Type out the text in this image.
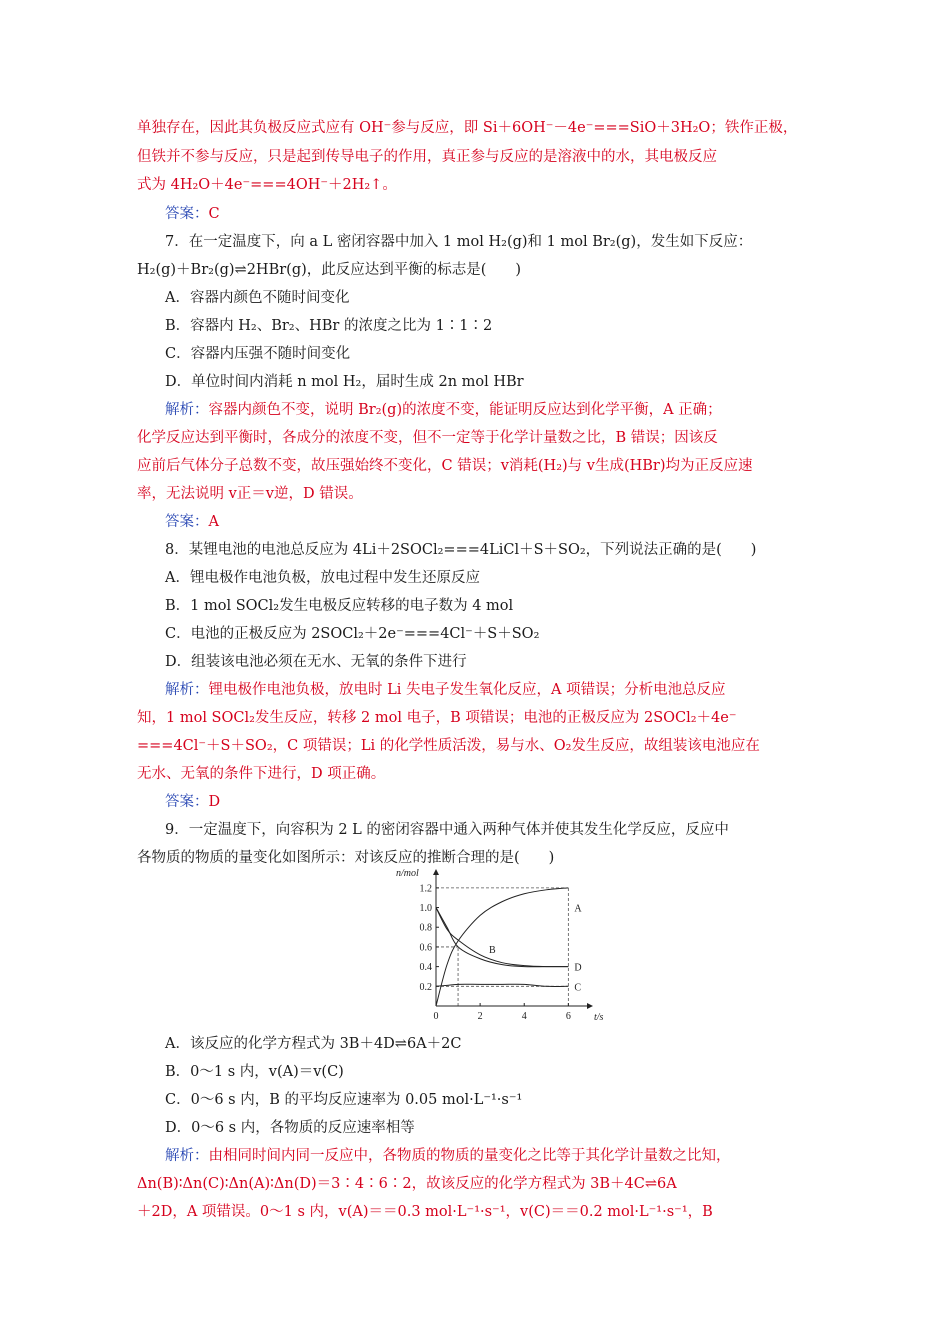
单独存在，因此其负极反应式应有 OH⁻参与反应，即 Si＋6OH⁻－4e⁻===SiO＋3H₂O；铁作正极，
但铁并不参与反应，只是起到传导电子的作用，真正参与反应的是溶液中的水，其电极反应
式为 4H₂O＋4e⁻===4OH⁻＋2H₂↑。
答案：C
7．在一定温度下，向 a L 密闭容器中加入 1 mol H₂(g)和 1 mol Br₂(g)，发生如下反应：
H₂(g)＋Br₂(g)⇌2HBr(g)，此反应达到平衡的标志是(　　)
A．容器内颜色不随时间变化
B．容器内 H₂、Br₂、HBr 的浓度之比为 1∶1∶2
C．容器内压强不随时间变化
D．单位时间内消耗 n mol H₂，届时生成 2n mol HBr
解析：容器内颜色不变，说明 Br₂(g)的浓度不变，能证明反应达到化学平衡，A 正确；
化学反应达到平衡时，各成分的浓度不变，但不一定等于化学计量数之比，B 错误；因该反
应前后气体分子总数不变，故压强始终不变化，C 错误；v消耗(H₂)与 v生成(HBr)均为正反应速
率，无法说明 v正＝v逆，D 错误。
答案：A
8．某锂电池的电池总反应为 4Li＋2SOCl₂===4LiCl＋S＋SO₂，下列说法正确的是(　　)
A．锂电极作电池负极，放电过程中发生还原反应
B．1 mol SOCl₂发生电极反应转移的电子数为 4 mol
C．电池的正极反应为 2SOCl₂＋2e⁻===4Cl⁻＋S＋SO₂
D．组装该电池必须在无水、无氧的条件下进行
解析：锂电极作电池负极，放电时 Li 失电子发生氧化反应，A 项错误；分析电池总反应
知，1 mol SOCl₂发生反应，转移 2 mol 电子，B 项错误；电池的正极反应为 2SOCl₂＋4e⁻
===4Cl⁻＋S＋SO₂，C 项错误；Li 的化学性质活泼，易与水、O₂发生反应，故组装该电池应在
无水、无氧的条件下进行，D 项正确。
答案：D
9．一定温度下，向容积为 2 L 的密闭容器中通入两种气体并使其发生化学反应，反应中
各物质的物质的量变化如图所示：对该反应的推断合理的是(　　)
n/mol
t/s
0.2
0.4
0.6
0.8
1.0
1.2
0	2	4	6
A
B
C
D
A．该反应的化学方程式为 3B＋4D⇌6A＋2C
B．0～1 s 内，v(A)＝v(C)
C．0～6 s 内，B 的平均反应速率为 0.05 mol·L⁻¹·s⁻¹
D．0～6 s 内，各物质的反应速率相等
解析：由相同时间内同一反应中，各物质的物质的量变化之比等于其化学计量数之比知，
Δn(B)∶Δn(C)∶Δn(A)∶Δn(D)＝3∶4∶6∶2，故该反应的化学方程式为 3B＋4C⇌6A
＋2D，A 项错误。0～1 s 内，v(A)＝＝0.3 mol·L⁻¹·s⁻¹，v(C)＝＝0.2 mol·L⁻¹·s⁻¹，B
